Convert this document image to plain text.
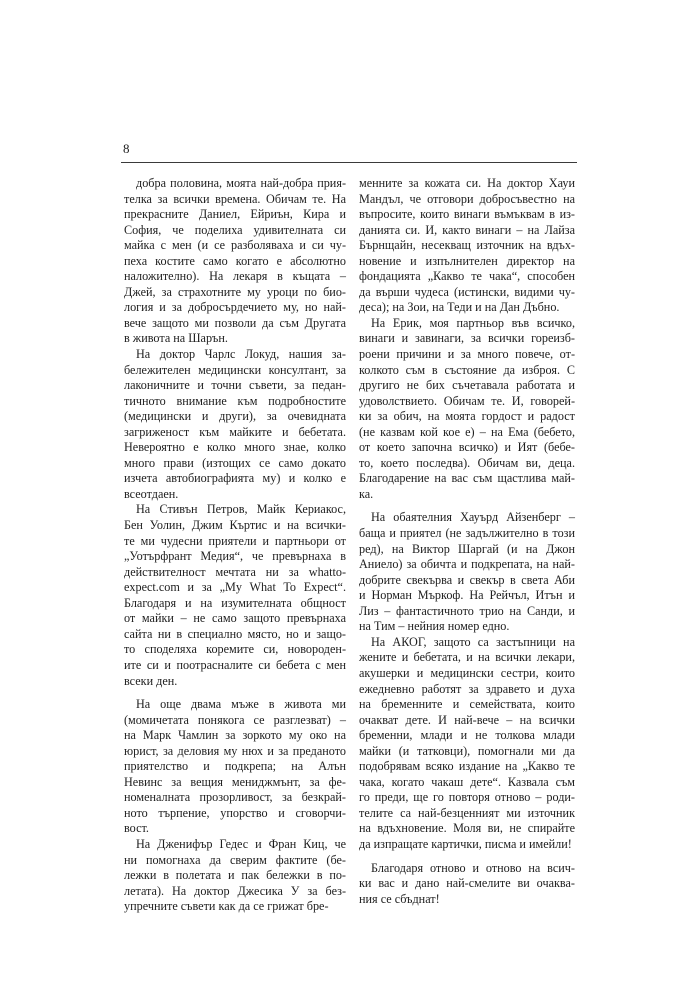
8

добра половина, моята най-добра прия-
телка за всички времена. Обичам те. На
прекрасните Даниел, Ейриън, Кира и
София, че поделиха удивителната си
майка с мен (и се разболяваха и си чу-
пеха костите само когато е абсолютно
наложително). На лекаря в къщата –
Джей, за страхотните му уроци по био-
логия и за добросърдечието му, но най-
вече защото ми позволи да съм Другата
в живота на Шарън.

На доктор Чарлс Локуд, нашия за-
бележителен медицински консултант, за
лаконичните и точни съвети, за педан-
тичното внимание към подробностите
(медицински и други), за очевидната
загриженост към майките и бебетата.
Невероятно е колко много знае, колко
много прави (изтощих се само докато
изчета автобиографията му) и колко е
всеотдаен.

На Стивън Петров, Майк Кериакос,
Бен Уолин, Джим Къртис и на всички-
те ми чудесни приятели и партньори от
„Уотърфрант Медия“, че превърнаха в
действителност мечтата ни за whatto-
expect.com и за „My What To Expect“.
Благодаря и на изумителната общност
от майки – не само защото превърнаха
сайта ни в специално място, но и защо-
то споделяха коремите си, новороден-
ите си и поотрасналите си бебета с мен
всеки ден.

На още двама мъже в живота ми
(момичетата понякога се разглезват) –
на Марк Чамлин за зоркото му око на
юрист, за деловия му нюх и за преданото
приятелство и подкрепа; на Алън
Невинс за вещия мениджмънт, за фе-
номеналната прозорливост, за безкрай-
ното търпение, упорство и сговорчи-
вост.

На Дженифър Гедес и Фран Киц, че
ни помогнаха да сверим фактите (бе-
лежки в полетата и пак бележки в по-
летата). На доктор Джесика У за без-
упречните съвети как да се грижат бре-

менните за кожата си. На доктор Хауи
Мандъл, че отговори добросъвестно на
въпросите, които винаги въмъквам в из-
данията си. И, както винаги – на Лайза
Бърнщайн, несекващ източник на вдъх-
новение и изпълнителен директор на
фондацията „Какво те чака“, способен
да върши чудеса (истински, видими чу-
деса); на Зои, на Теди и на Дан Дъбно.

На Ерик, моя партньор във всичко,
винаги и завинаги, за всички гореизб-
роени причини и за много повече, от-
колкото съм в състояние да изброя. С
другиго не бих съчетавала работата и
удоволствието. Обичам те. И, говорей-
ки за обич, на моята гордост и радост
(не казвам кой кое е) – на Ема (бебето,
от което започна всичко) и Ият (бебе-
то, което последва). Обичам ви, деца.
Благодарение на вас съм щастлива май-
ка.

На обаятелния Хауърд Айзенберг –
баща и приятел (не задължително в този
ред), на Виктор Шаргай (и на Джон
Аниело) за обичта и подкрепата, на най-
добрите свекърва и свекър в света Аби
и Норман Мъркоф. На Рейчъл, Итън и
Лиз – фантастичното трио на Санди, и
на Тим – нейния номер едно.

На АКОГ, защото са застъпници на
жените и бебетата, и на всички лекари,
акушерки и медицински сестри, които
ежедневно работят за здравето и духа
на бременните и семействата, които
очакват дете. И най-вече – на всички
бременни, млади и не толкова млади
майки (и татковци), помогнали ми да
подобрявам всяко издание на „Какво те
чака, когато чакаш дете“. Казвала съм
го преди, ще го повторя отново – роди-
телите са най-безценният ми източник
на вдъхновение. Моля ви, не спирайте
да изпращате картички, писма и имейли!

Благодаря отново и отново на всич-
ки вас и дано най-смелите ви очаква-
ния се сбъднат!
